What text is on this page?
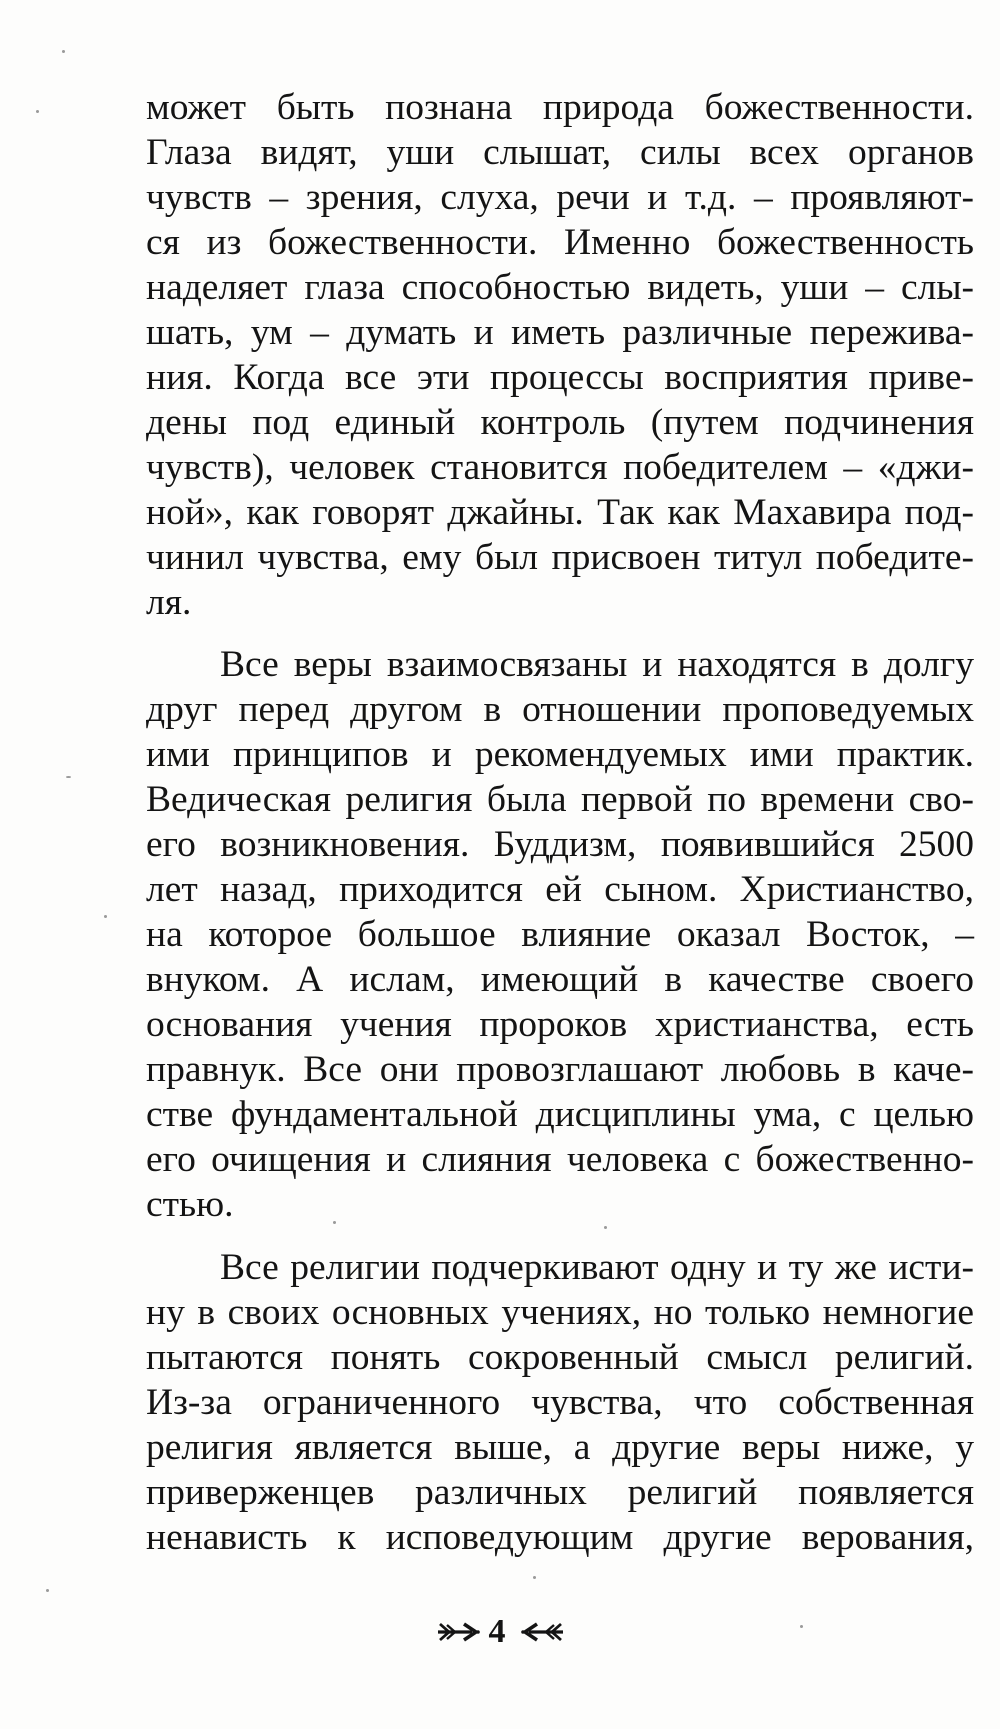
может быть познана природа божественности.
Глаза видят, уши слышат, силы всех органов
чувств – зрения, слуха, речи и т.д. – проявляют-
ся из божественности. Именно божественность
наделяет глаза способностью видеть, уши – слы-
шать, ум – думать и иметь различные пережива-
ния. Когда все эти процессы восприятия приве-
дены под единый контроль (путем подчинения
чувств), человек становится победителем – «джи-
ной», как говорят джайны. Так как Махавира под-
чинил чувства, ему был присвоен титул победите-
ля.
Все веры взаимосвязаны и находятся в долгу
друг перед другом в отношении проповедуемых
ими принципов и рекомендуемых ими практик.
Ведическая религия была первой по времени сво-
его возникновения. Буддизм, появившийся 2500
лет назад, приходится ей сыном. Христианство,
на которое большое влияние оказал Восток, –
внуком. А ислам, имеющий в качестве своего
основания учения пророков христианства, есть
правнук. Все они провозглашают любовь в каче-
стве фундаментальной дисциплины ума, с целью
его очищения и слияния человека с божественно-
стью.
Все религии подчеркивают одну и ту же исти-
ну в своих основных учениях, но только немногие
пытаются понять сокровенный смысл религий.
Из-за ограниченного чувства, что собственная
религия является выше, а другие веры ниже, у
приверженцев различных религий появляется
ненависть к исповедующим другие верования,
4
